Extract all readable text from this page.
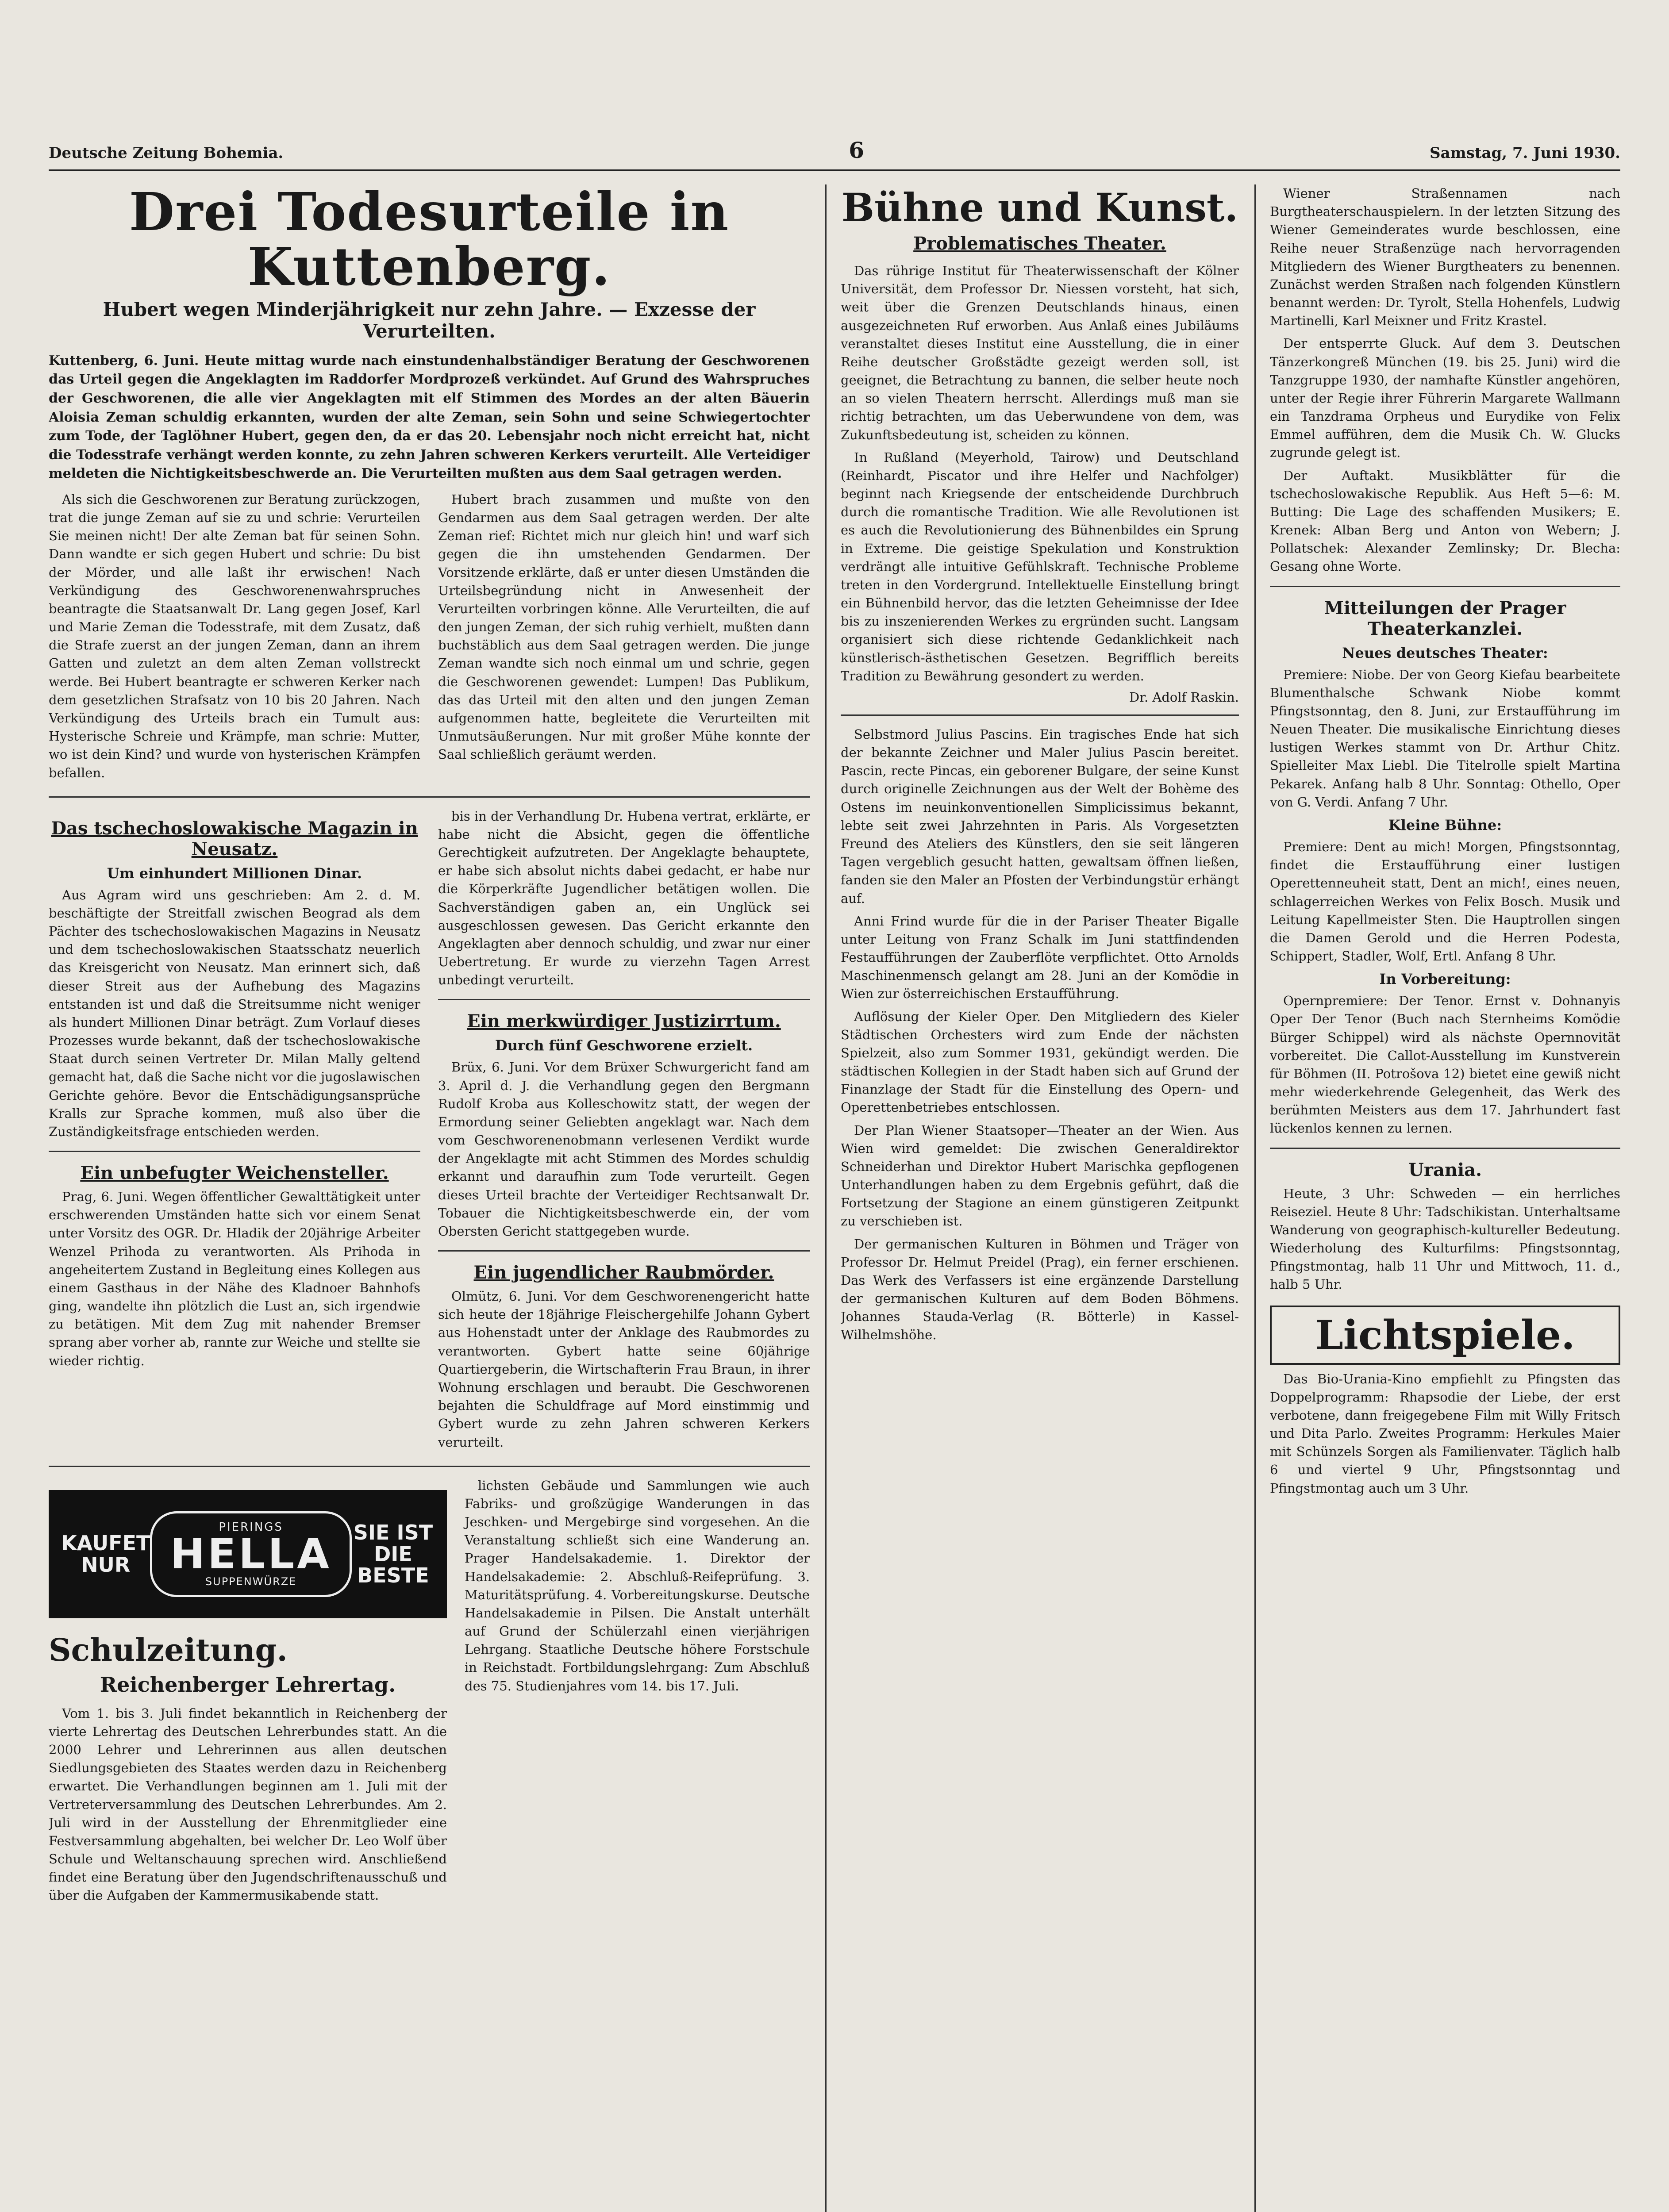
Deutsche Zeitung Bohemia.	6	Samstag, 7. Juni 1930.
Drei Todesurteile in Kuttenberg.
Hubert wegen Minderjährigkeit nur zehn Jahre. — Exzesse der Verurteilten.

Kuttenberg, 6. Juni. Heute mittag wurde nach einstundenhalbständiger Beratung der Geschworenen das Urteil gegen die Angeklagten im Raddorfer Mordprozeß verkündet. Auf Grund des Wahrspruches der Geschworenen, die alle vier Angeklagten mit elf Stimmen des Mordes an der alten Bäuerin Aloisia Zeman schuldig erkannten, wurden der alte Zeman, sein Sohn und seine Schwiegertochter zum Tode, der Taglöhner Hubert, gegen den, da er das 20. Lebensjahr noch nicht erreicht hat, nicht die Todesstrafe verhängt werden konnte, zu zehn Jahren schweren Kerkers verurteilt. Alle Verteidiger meldeten die Nichtigkeitsbeschwerde an. Die Verurteilten mußten aus dem Saal getragen werden.

Als sich die Geschworenen zur Beratung zurückzogen, trat die junge Zeman auf sie zu und schrie: Verurteilen Sie meinen nicht! Der alte Zeman bat für seinen Sohn. Dann wandte er sich gegen Hubert und schrie: Du bist der Mörder, und alle laßt ihr erwischen! Nach Verkündigung des Geschworenenwahrspruches beantragte die Staatsanwalt Dr. Lang gegen Josef, Karl und Marie Zeman die Todesstrafe, mit dem Zusatz, daß die Strafe zuerst an der jungen Zeman, dann an ihrem Gatten und zuletzt an dem alten Zeman vollstreckt werde. Bei Hubert beantragte er schweren Kerker nach dem gesetzlichen Strafsatz von 10 bis 20 Jahren. Nach Verkündigung des Urteils brach ein Tumult aus: Hysterische Schreie und Krämpfe, man schrie: Mutter, wo ist dein Kind? und wurde von hysterischen Krämpfen befallen.

Hubert brach zusammen und mußte von den Gendarmen aus dem Saal getragen werden. Der alte Zeman rief: Richtet mich nur gleich hin! und warf sich gegen die ihn umstehenden Gendarmen. Der Vorsitzende erklärte, daß er unter diesen Umständen die Urteilsbegründung nicht in Anwesenheit der Verurteilten vorbringen könne. Alle Verurteilten, die auf den jungen Zeman, der sich ruhig verhielt, mußten dann buchstäblich aus dem Saal getragen werden. Die junge Zeman wandte sich noch einmal um und schrie, gegen die Geschworenen gewendet: Lumpen! Das Publikum, das das Urteil mit den alten und den jungen Zeman aufgenommen hatte, begleitete die Verurteilten mit Unmutsäußerungen. Nur mit großer Mühe konnte der Saal schließlich geräumt werden.

Das tschechoslowakische Magazin in Neusatz.
Um einhundert Millionen Dinar.

Aus Agram wird uns geschrieben: Am 2. d. M. beschäftigte der Streitfall zwischen Beograd als dem Pächter des tschechoslowakischen Magazins in Neusatz und dem tschechoslowakischen Staatsschatz neuerlich das Kreisgericht von Neusatz. Man erinnert sich, daß dieser Streit aus der Aufhebung des Magazins entstanden ist und daß die Streitsumme nicht weniger als hundert Millionen Dinar beträgt. Zum Vorlauf dieses Prozesses wurde bekannt, daß der tschechoslowakische Staat durch seinen Vertreter Dr. Milan Mally geltend gemacht hat, daß die Sache nicht vor die jugoslawischen Gerichte gehöre. Bevor die Entschädigungsansprüche Kralls zur Sprache kommen, muß also über die Zuständigkeitsfrage entschieden werden.

Ein unbefugter Weichensteller.

Prag, 6. Juni. Wegen öffentlicher Gewalttätigkeit unter erschwerenden Umständen hatte sich vor einem Senat unter Vorsitz des OGR. Dr. Hladik der 20jährige Arbeiter Wenzel Prihoda zu verantworten. Als Prihoda in angeheitertem Zustand in Begleitung eines Kollegen aus einem Gasthaus in der Nähe des Kladnoer Bahnhofs ging, wandelte ihn plötzlich die Lust an, sich irgendwie zu betätigen. Mit dem Zug mit nahender Bremser sprang aber vorher ab, rannte zur Weiche und stellte sie wieder richtig.

bis in der Verhandlung Dr. Hubena vertrat, erklärte, er habe nicht die Absicht, gegen die öffentliche Gerechtigkeit aufzutreten. Der Angeklagte behauptete, er habe sich absolut nichts dabei gedacht, er habe nur die Körperkräfte Jugendlicher betätigen wollen. Die Sachverständigen gaben an, ein Unglück sei ausgeschlossen gewesen. Das Gericht erkannte den Angeklagten aber dennoch schuldig, und zwar nur einer Uebertretung. Er wurde zu vierzehn Tagen Arrest unbedingt verurteilt.

Ein merkwürdiger Justizirrtum.
Durch fünf Geschworene erzielt.

Brüx, 6. Juni. Vor dem Brüxer Schwurgericht fand am 3. April d. J. die Verhandlung gegen den Bergmann Rudolf Kroba aus Kolleschowitz statt, der wegen der Ermordung seiner Geliebten angeklagt war. Nach dem vom Geschworenenobmann verlesenen Verdikt wurde der Angeklagte mit acht Stimmen des Mordes schuldig erkannt und daraufhin zum Tode verurteilt. Gegen dieses Urteil brachte der Verteidiger Rechtsanwalt Dr. Tobauer die Nichtigkeitsbeschwerde ein, der vom Obersten Gericht stattgegeben wurde.

Ein jugendlicher Raubmörder.

Olmütz, 6. Juni. Vor dem Geschworenengericht hatte sich heute der 18jährige Fleischergehilfe Johann Gybert aus Hohenstadt unter der Anklage des Raubmordes zu verantworten. Gybert hatte seine 60jährige Quartiergeberin, die Wirtschafterin Frau Braun, in ihrer Wohnung erschlagen und beraubt. Die Geschworenen bejahten die Schuldfrage auf Mord einstimmig und Gybert wurde zu zehn Jahren schweren Kerkers verurteilt.

KAUFET NUR
PIERINGS
HELLA
SUPPENWÜRZE
SIE IST DIE BESTE
Schulzeitung.
Reichenberger Lehrertag.

Vom 1. bis 3. Juli findet bekanntlich in Reichenberg der vierte Lehrertag des Deutschen Lehrerbundes statt. An die 2000 Lehrer und Lehrerinnen aus allen deutschen Siedlungsgebieten des Staates werden dazu in Reichenberg erwartet. Die Verhandlungen beginnen am 1. Juli mit der Vertreterversammlung des Deutschen Lehrerbundes. Am 2. Juli wird in der Ausstellung der Ehrenmitglieder eine Festversammlung abgehalten, bei welcher Dr. Leo Wolf über Schule und Weltanschauung sprechen wird. Anschließend findet eine Beratung über den Jugendschriftenausschuß und über die Aufgaben der Kammermusikabende statt.

lichsten Gebäude und Sammlungen wie auch Fabriks- und großzügige Wanderungen in das Jeschken- und Mergebirge sind vorgesehen. An die Veranstaltung schließt sich eine Wanderung an. Prager Handelsakademie. 1. Direktor der Handelsakademie: 2. Abschluß-Reifeprüfung. 3. Maturitätsprüfung. 4. Vorbereitungskurse. Deutsche Handelsakademie in Pilsen. Die Anstalt unterhält auf Grund der Schülerzahl einen vierjährigen Lehrgang. Staatliche Deutsche höhere Forstschule in Reichstadt. Fortbildungslehrgang: Zum Abschluß des 75. Studienjahres vom 14. bis 17. Juli.

Bühne und Kunst.
Problematisches Theater.

Das rührige Institut für Theaterwissenschaft der Kölner Universität, dem Professor Dr. Niessen vorsteht, hat sich, weit über die Grenzen Deutschlands hinaus, einen ausgezeichneten Ruf erworben. Aus Anlaß eines Jubiläums veranstaltet dieses Institut eine Ausstellung, die in einer Reihe deutscher Großstädte gezeigt werden soll, ist geeignet, die Betrachtung zu bannen, die selber heute noch an so vielen Theatern herrscht. Allerdings muß man sie richtig betrachten, um das Ueberwundene von dem, was Zukunftsbedeutung ist, scheiden zu können.

In Rußland (Meyerhold, Tairow) und Deutschland (Reinhardt, Piscator und ihre Helfer und Nachfolger) beginnt nach Kriegsende der entscheidende Durchbruch durch die romantische Tradition. Wie alle Revolutionen ist es auch die Revolutionierung des Bühnenbildes ein Sprung in Extreme. Die geistige Spekulation und Konstruktion verdrängt alle intuitive Gefühlskraft. Technische Probleme treten in den Vordergrund. Intellektuelle Einstellung bringt ein Bühnenbild hervor, das die letzten Geheimnisse der Idee bis zu inszenierenden Werkes zu ergründen sucht. Langsam organisiert sich diese richtende Gedanklichkeit nach künstlerisch-ästhetischen Gesetzen. Begrifflich bereits Tradition zu Bewährung gesondert zu werden.

Dr. Adolf Raskin.

Selbstmord Julius Pascins. Ein tragisches Ende hat sich der bekannte Zeichner und Maler Julius Pascin bereitet. Pascin, recte Pincas, ein geborener Bulgare, der seine Kunst durch originelle Zeichnungen aus der Welt der Bohème des Ostens im neuinkonventionellen Simplicissimus bekannt, lebte seit zwei Jahrzehnten in Paris. Als Vorgesetzten Freund des Ateliers des Künstlers, den sie seit längeren Tagen vergeblich gesucht hatten, gewaltsam öffnen ließen, fanden sie den Maler an Pfosten der Verbindungstür erhängt auf.

Anni Frind wurde für die in der Pariser Theater Bigalle unter Leitung von Franz Schalk im Juni stattfindenden Festaufführungen der Zauberflöte verpflichtet. Otto Arnolds Maschinenmensch gelangt am 28. Juni an der Komödie in Wien zur österreichischen Erstaufführung.

Auflösung der Kieler Oper. Den Mitgliedern des Kieler Städtischen Orchesters wird zum Ende der nächsten Spielzeit, also zum Sommer 1931, gekündigt werden. Die städtischen Kollegien in der Stadt haben sich auf Grund der Finanzlage der Stadt für die Einstellung des Opern- und Operettenbetriebes entschlossen.

Der Plan Wiener Staatsoper—Theater an der Wien. Aus Wien wird gemeldet: Die zwischen Generaldirektor Schneiderhan und Direktor Hubert Marischka gepflogenen Unterhandlungen haben zu dem Ergebnis geführt, daß die Fortsetzung der Stagione an einem günstigeren Zeitpunkt zu verschieben ist.

Der germanischen Kulturen in Böhmen und Träger von Professor Dr. Helmut Preidel (Prag), ein ferner erschienen. Das Werk des Verfassers ist eine ergänzende Darstellung der germanischen Kulturen auf dem Boden Böhmens. Johannes Stauda-Verlag (R. Bötterle) in Kassel-Wilhelmshöhe.

Wiener Straßennamen nach Burgtheaterschauspielern. In der letzten Sitzung des Wiener Gemeinderates wurde beschlossen, eine Reihe neuer Straßenzüge nach hervorragenden Mitgliedern des Wiener Burgtheaters zu benennen. Zunächst werden Straßen nach folgenden Künstlern benannt werden: Dr. Tyrolt, Stella Hohenfels, Ludwig Martinelli, Karl Meixner und Fritz Krastel.

Der entsperrte Gluck. Auf dem 3. Deutschen Tänzerkongreß München (19. bis 25. Juni) wird die Tanzgruppe 1930, der namhafte Künstler angehören, unter der Regie ihrer Führerin Margarete Wallmann ein Tanzdrama Orpheus und Eurydike von Felix Emmel aufführen, dem die Musik Ch. W. Glucks zugrunde gelegt ist.

Der Auftakt. Musikblätter für die tschechoslowakische Republik. Aus Heft 5—6: M. Butting: Die Lage des schaffenden Musikers; E. Krenek: Alban Berg und Anton von Webern; J. Pollatschek: Alexander Zemlinsky; Dr. Blecha: Gesang ohne Worte.

Mitteilungen der Prager Theaterkanzlei.
Neues deutsches Theater:

Premiere: Niobe. Der von Georg Kiefau bearbeitete Blumenthalsche Schwank Niobe kommt Pfingstsonntag, den 8. Juni, zur Erstaufführung im Neuen Theater. Die musikalische Einrichtung dieses lustigen Werkes stammt von Dr. Arthur Chitz. Spielleiter Max Liebl. Die Titelrolle spielt Martina Pekarek. Anfang halb 8 Uhr. Sonntag: Othello, Oper von G. Verdi. Anfang 7 Uhr.

Kleine Bühne:

Premiere: Dent au mich! Morgen, Pfingstsonntag, findet die Erstaufführung einer lustigen Operettenneuheit statt, Dent an mich!, eines neuen, schlagerreichen Werkes von Felix Bosch. Musik und Leitung Kapellmeister Sten. Die Hauptrollen singen die Damen Gerold und die Herren Podesta, Schippert, Stadler, Wolf, Ertl. Anfang 8 Uhr.

In Vorbereitung:

Opernpremiere: Der Tenor. Ernst v. Dohnanyis Oper Der Tenor (Buch nach Sternheims Komödie Bürger Schippel) wird als nächste Opernnovität vorbereitet. Die Callot-Ausstellung im Kunstverein für Böhmen (II. Potrošova 12) bietet eine gewiß nicht mehr wiederkehrende Gelegenheit, das Werk des berühmten Meisters aus dem 17. Jahrhundert fast lückenlos kennen zu lernen.

Urania.

Heute, 3 Uhr: Schweden — ein herrliches Reiseziel. Heute 8 Uhr: Tadschikistan. Unterhaltsame Wanderung von geographisch-kultureller Bedeutung. Wiederholung des Kulturfilms: Pfingstsonntag, Pfingstmontag, halb 11 Uhr und Mittwoch, 11. d., halb 5 Uhr.

Lichtspiele.

Das Bio-Urania-Kino empfiehlt zu Pfingsten das Doppelprogramm: Rhapsodie der Liebe, der erst verbotene, dann freigegebene Film mit Willy Fritsch und Dita Parlo. Zweites Programm: Herkules Maier mit Schünzels Sorgen als Familienvater. Täglich halb 6 und viertel 9 Uhr, Pfingstsonntag und Pfingstmontag auch um 3 Uhr.
